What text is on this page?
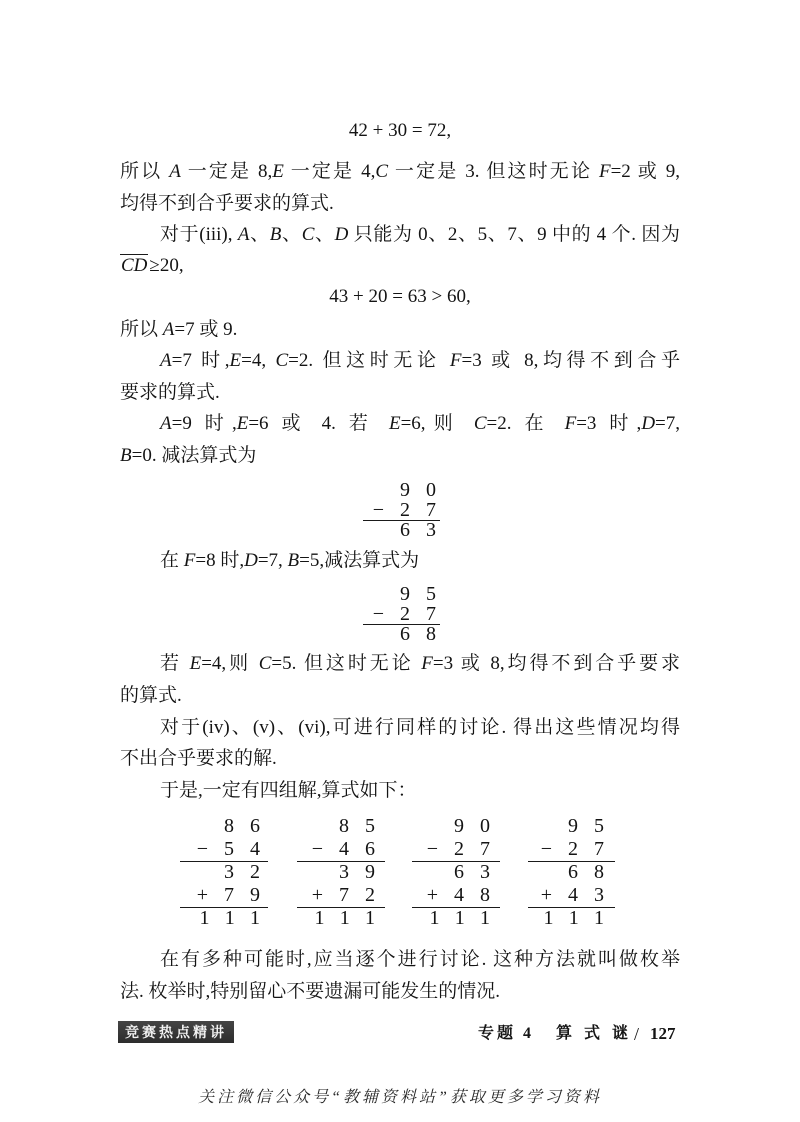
42 + 30 = 72,
所以 A 一定是 8,E 一定是 4,C 一定是 3. 但这时无论 F=2 或 9,
均得不到合乎要求的算式.
对于(iii), A、B、C、D 只能为 0、2、5、7、9 中的 4 个. 因为
CD ≥20,
43 + 20 = 63 > 60,
所以 A=7 或 9.
A=7 时,E=4, C=2. 但这时无论 F=3 或 8,均得不到合乎
要求的算式.
A=9 时,E=6 或 4. 若 E=6,则 C=2. 在 F=3 时,D=7,
B=0. 减法算式为
90
−27
63
在 F=8 时,D=7, B=5,减法算式为
95
−27
68
若 E=4,则 C=5. 但这时无论 F=3 或 8,均得不到合乎要求
的算式.
对于(iv)、(v)、(vi),可进行同样的讨论. 得出这些情况均得
不出合乎要求的解.
于是,一定有四组解,算式如下：
86
−54
32
+79
111
85
−46
39
+72
111
90
−27
63
+48
111
95
−27
68
+43
111
在有多种可能时,应当逐个进行讨论. 这种方法就叫做枚举
法. 枚举时,特别留心不要遗漏可能发生的情况.
竞赛热点精讲	专题 4 算 式 谜 / 127
关注微信公众号“教辅资料站”获取更多学习资料
